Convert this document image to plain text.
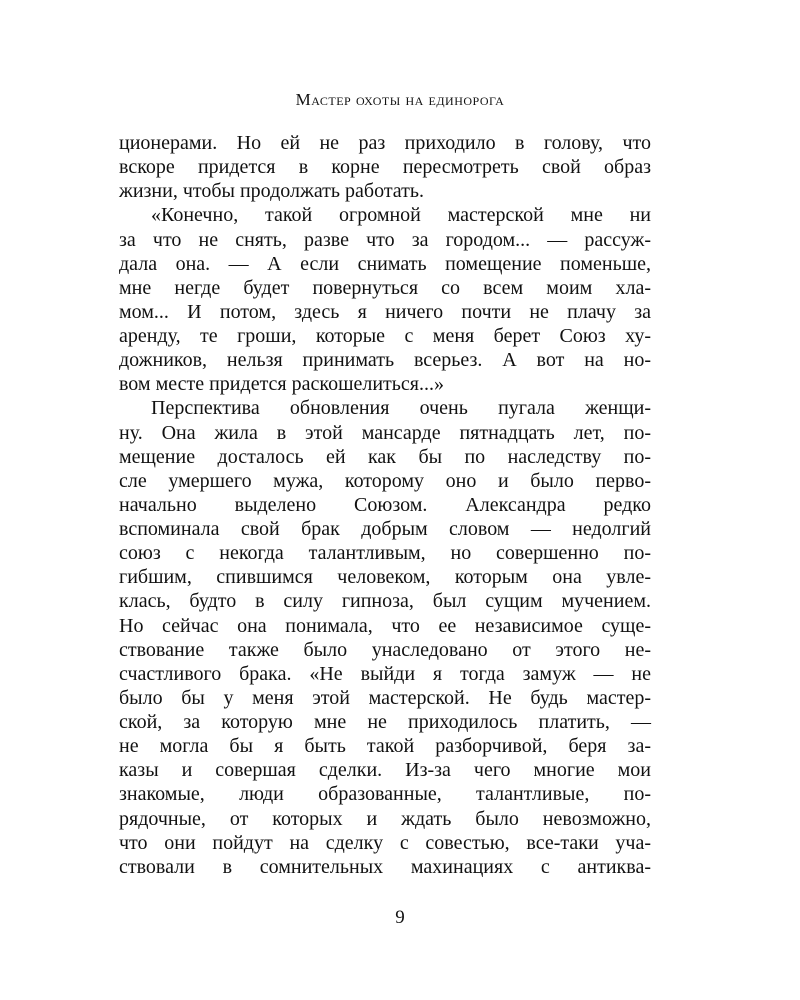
Мастер охоты на единорога
ционерами. Но ей не раз приходило в голову, что
вскоре придется в корне пересмотреть свой образ
жизни, чтобы продолжать работать.
«Конечно, такой огромной мастерской мне ни
за что не снять, разве что за городом... — рассуж-
дала она. — А если снимать помещение поменьше,
мне негде будет повернуться со всем моим хла-
мом... И потом, здесь я ничего почти не плачу за
аренду, те гроши, которые с меня берет Союз ху-
дожников, нельзя принимать всерьез. А вот на но-
вом месте придется раскошелиться...»
Перспектива обновления очень пугала женщи-
ну. Она жила в этой мансарде пятнадцать лет, по-
мещение досталось ей как бы по наследству по-
сле умершего мужа, которому оно и было перво-
начально выделено Союзом. Александра редко
вспоминала свой брак добрым словом — недолгий
союз с некогда талантливым, но совершенно по-
гибшим, спившимся человеком, которым она увле-
клась, будто в силу гипноза, был сущим мучением.
Но сейчас она понимала, что ее независимое суще-
ствование также было унаследовано от этого не-
счастливого брака. «Не выйди я тогда замуж — не
было бы у меня этой мастерской. Не будь мастер-
ской, за которую мне не приходилось платить, —
не могла бы я быть такой разборчивой, беря за-
казы и совершая сделки. Из-за чего многие мои
знакомые, люди образованные, талантливые, по-
рядочные, от которых и ждать было невозможно,
что они пойдут на сделку с совестью, все-таки уча-
ствовали в сомнительных махинациях с антиква-
9
